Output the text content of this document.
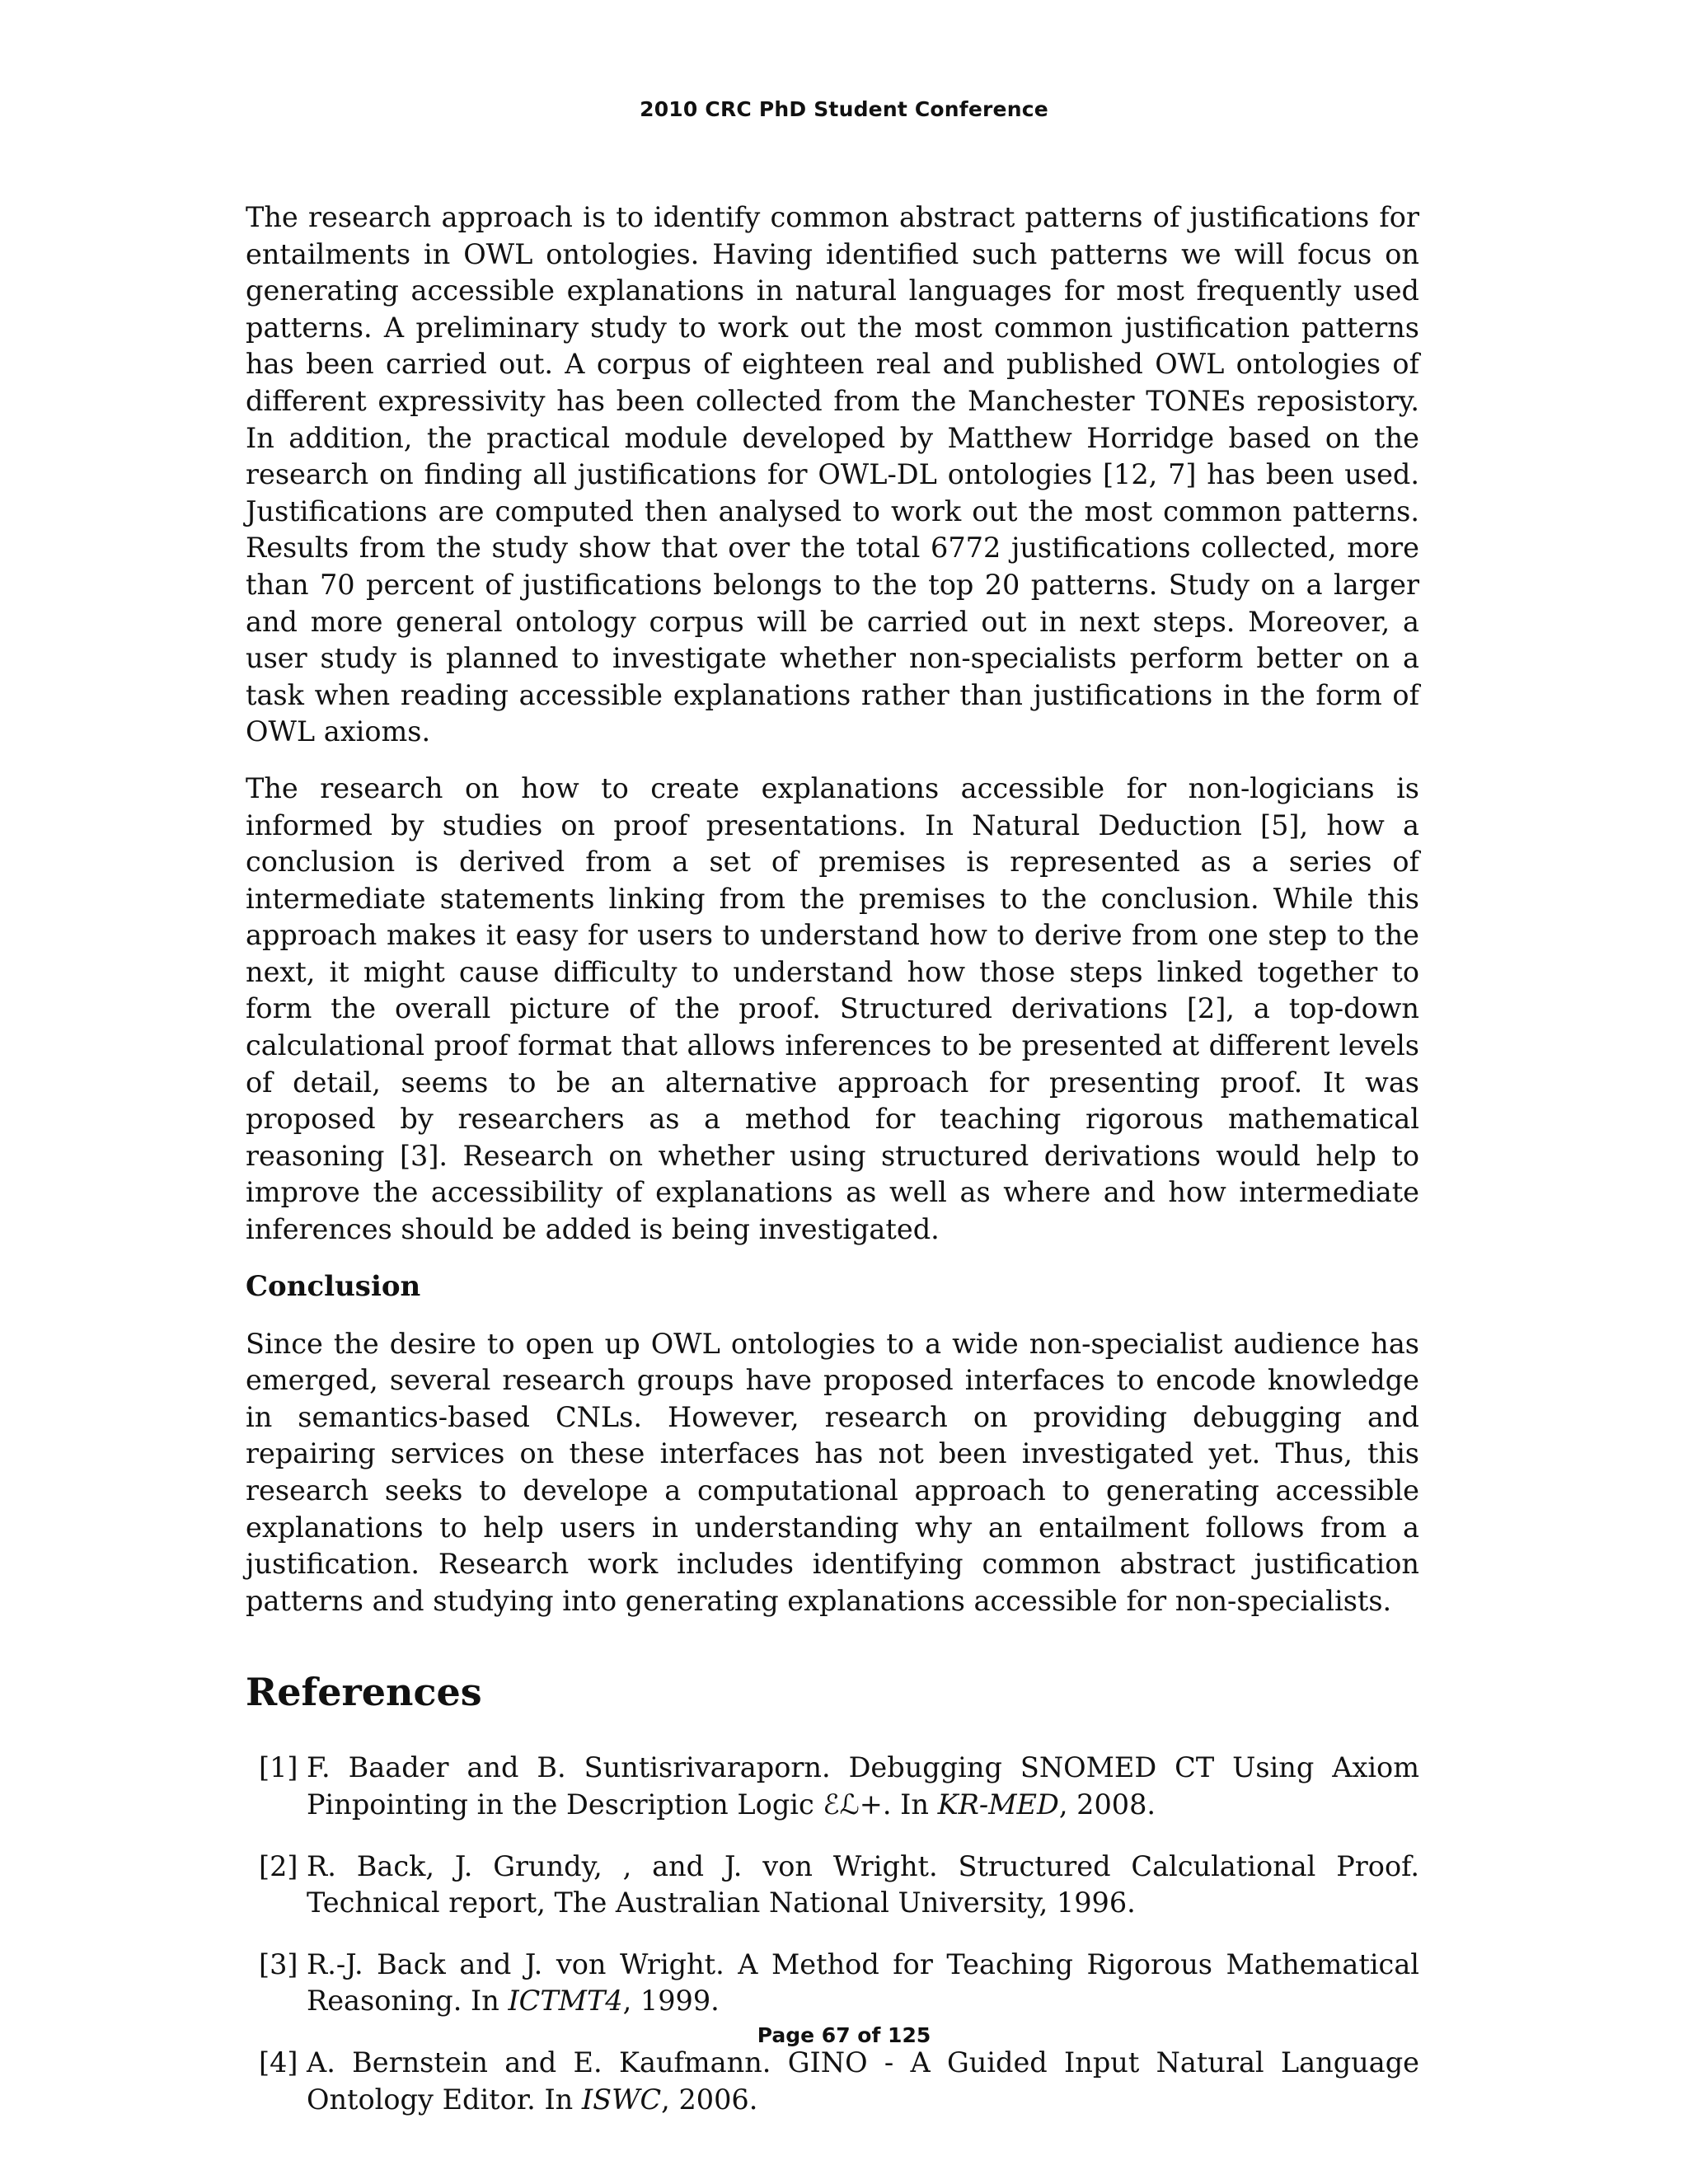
2010 CRC PhD Student Conference

The research approach is to identify common abstract patterns of justifications for entailments in OWL ontologies. Having identified such patterns we will focus on generating accessible explanations in natural languages for most frequently used patterns. A preliminary study to work out the most common justification patterns has been carried out. A corpus of eighteen real and published OWL ontologies of different expressivity has been collected from the Manchester TONEs reposistory. In addition, the practical module developed by Matthew Horridge based on the research on finding all justifications for OWL-DL ontologies [12, 7] has been used. Justifications are computed then analysed to work out the most common patterns. Results from the study show that over the total 6772 justifications collected, more than 70 percent of justifications belongs to the top 20 patterns. Study on a larger and more general ontology corpus will be carried out in next steps. Moreover, a user study is planned to investigate whether non-specialists perform better on a task when reading accessible explanations rather than justifications in the form of OWL axioms.

The research on how to create explanations accessible for non-logicians is informed by studies on proof presentations. In Natural Deduction [5], how a conclusion is derived from a set of premises is represented as a series of intermediate statements linking from the premises to the conclusion. While this approach makes it easy for users to understand how to derive from one step to the next, it might cause difficulty to understand how those steps linked together to form the overall picture of the proof. Structured derivations [2], a top-down calculational proof format that allows inferences to be presented at different levels of detail, seems to be an alternative approach for presenting proof. It was proposed by researchers as a method for teaching rigorous mathematical reasoning [3]. Research on whether using structured derivations would help to improve the accessibility of explanations as well as where and how intermediate inferences should be added is being investigated.

Conclusion

Since the desire to open up OWL ontologies to a wide non-specialist audience has emerged, several research groups have proposed interfaces to encode knowledge in semantics-based CNLs. However, research on providing debugging and repairing services on these interfaces has not been investigated yet. Thus, this research seeks to develope a computational approach to generating accessible explanations to help users in understanding why an entailment follows from a justification. Research work includes identifying common abstract justification patterns and studying into generating explanations accessible for non-specialists.

References
[1] F. Baader and B. Suntisrivaraporn. Debugging SNOMED CT Using Axiom Pinpointing in the Description Logic ℰℒ+. In KR-MED, 2008.
[2] R. Back, J. Grundy, , and J. von Wright. Structured Calculational Proof. Technical report, The Australian National University, 1996.
[3] R.-J. Back and J. von Wright. A Method for Teaching Rigorous Mathematical Reasoning. In ICTMT4, 1999.
[4] A. Bernstein and E. Kaufmann. GINO - A Guided Input Natural Language Ontology Editor. In ISWC, 2006.
Page 67 of 125
